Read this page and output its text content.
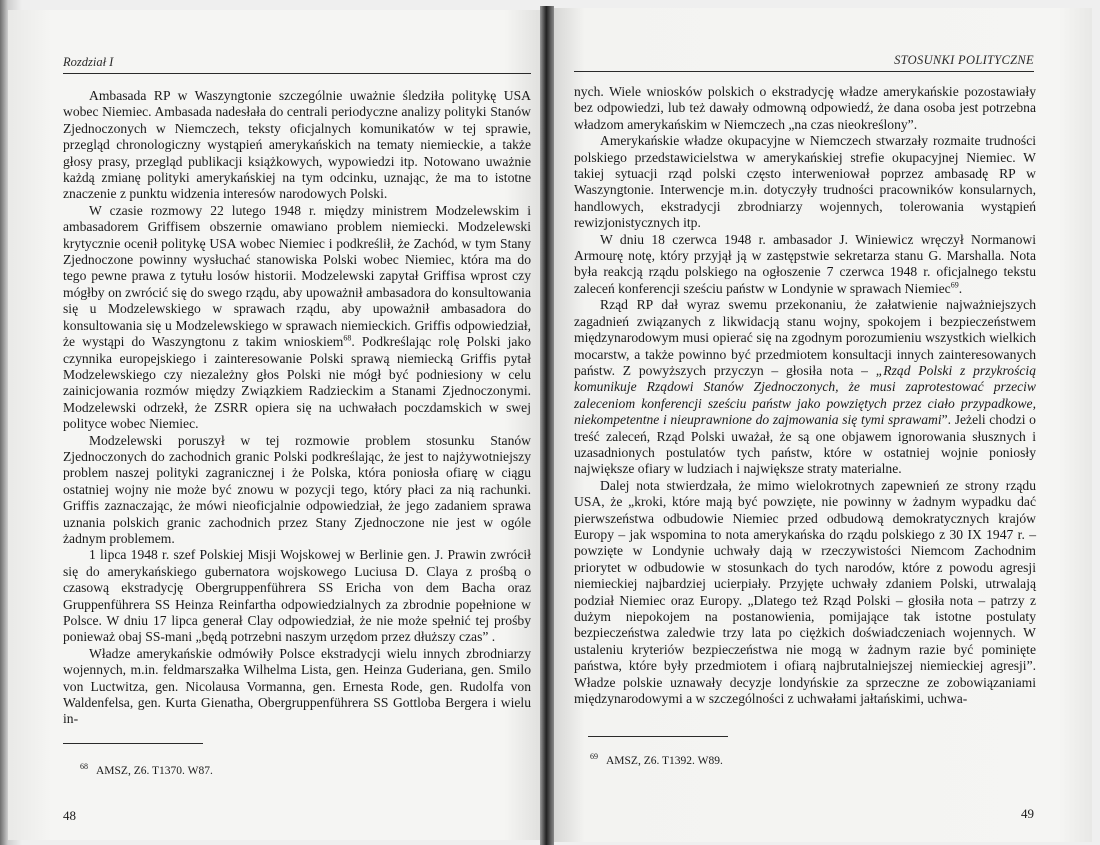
Rozdział I

Ambasada RP w Waszyngtonie szczególnie uważnie śledziła politykę USA wobec Niemiec. Ambasada nadesłała do centrali periodyczne analizy polityki Stanów Zjednoczonych w Niemczech, teksty oficjalnych komunikatów w tej sprawie, przegląd chronologiczny wystąpień amerykańskich na tematy niemieckie, a także głosy prasy, przegląd publikacji książkowych, wypowiedzi itp. Notowano uważnie każdą zmianę polityki amerykańskiej na tym odcinku, uznając, że ma to istotne znaczenie z punktu widzenia interesów narodowych Polski.

W czasie rozmowy 22 lutego 1948 r. między ministrem Modzelewskim i ambasadorem Griffisem obszernie omawiano problem niemiecki. Modzelewski krytycznie ocenił politykę USA wobec Niemiec i podkreślił, że Zachód, w tym Stany Zjednoczone powinny wysłuchać stanowiska Polski wobec Niemiec, która ma do tego pewne prawa z tytułu losów historii. Modzelewski zapytał Griffisa wprost czy mógłby on zwrócić się do swego rządu, aby upoważnił ambasadora do konsultowania się u Modzelewskiego w sprawach rządu, aby upoważnił ambasadora do konsultowania się u Modzelewskiego w sprawach niemieckich. Griffis odpowiedział, że wystąpi do Waszyngtonu z takim wnioskiem$^{68}$. Podkreślając rolę Polski jako czynnika europejskiego i zainteresowanie Polski sprawą niemiecką Griffis pytał Modzelewskiego czy niezależny głos Polski nie mógł być podniesiony w celu zainicjowania rozmów między Związkiem Radzieckim a Stanami Zjednoczonymi. Modzelewski odrzekł, że ZSRR opiera się na uchwałach poczdamskich w swej polityce wobec Niemiec.

Modzelewski poruszył w tej rozmowie problem stosunku Stanów Zjednoczonych do zachodnich granic Polski podkreślając, że jest to najżywotniejszy problem naszej polityki zagranicznej i że Polska, która poniosła ofiarę w ciągu ostatniej wojny nie może być znowu w pozycji tego, który płaci za nią rachunki. Griffis zaznaczając, że mówi nieoficjalnie odpowiedział, że jego zadaniem sprawa uznania polskich granic zachodnich przez Stany Zjednoczone nie jest w ogóle żadnym problemem.

1 lipca 1948 r. szef Polskiej Misji Wojskowej w Berlinie gen. J. Prawin zwrócił się do amerykańskiego gubernatora wojskowego Luciusa D. Claya z prośbą o czasową ekstradycję Obergruppenführera SS Ericha von dem Bacha oraz Gruppenführera SS Heinza Reinfartha odpowiedzialnych za zbrodnie popełnione w Polsce. W dniu 17 lipca generał Clay odpowiedział, że nie może spełnić tej prośby ponieważ obaj SS-mani „będą potrzebni naszym urzędom przez dłuższy czas” .

Władze amerykańskie odmówiły Polsce ekstradycji wielu innych zbrodniarzy wojennych, m.in. feldmarszałka Wilhelma Lista, gen. Heinza Guderiana, gen. Smilo von Luctwitza, gen. Nicolausa Vormanna, gen. Ernesta Rode, gen. Rudolfa von Waldenfelsa, gen. Kurta Gienatha, Obergruppenführera SS Gottloba Bergera i wielu in-

$^{68}$ AMSZ, Z6. T1370. W87.
48
STOSUNKI POLITYCZNE

nych. Wiele wniosków polskich o ekstradycję władze amerykańskie pozostawiały bez odpowiedzi, lub też dawały odmowną odpowiedź, że dana osoba jest potrzebna władzom amerykańskim w Niemczech „na czas nieokreślony”.

Amerykańskie władze okupacyjne w Niemczech stwarzały rozmaite trudności polskiego przedstawicielstwa w amerykańskiej strefie okupacyjnej Niemiec. W takiej sytuacji rząd polski często interweniował poprzez ambasadę RP w Waszyngtonie. Interwencje m.in. dotyczyły trudności pracowników konsularnych, handlowych, ekstradycji zbrodniarzy wojennych, tolerowania wystąpień rewizjonistycznych itp.

W dniu 18 czerwca 1948 r. ambasador J. Winiewicz wręczył Normanowi Armourę notę, który przyjął ją w zastępstwie sekretarza stanu G. Marshalla. Nota była reakcją rządu polskiego na ogłoszenie 7 czerwca 1948 r. oficjalnego tekstu zaleceń konferencji sześciu państw w Londynie w sprawach Niemiec$^{69}$.

Rząd RP dał wyraz swemu przekonaniu, że załatwienie najważniejszych zagadnień związanych z likwidacją stanu wojny, spokojem i bezpieczeństwem międzynarodowym musi opierać się na zgodnym porozumieniu wszystkich wielkich mocarstw, a także powinno być przedmiotem konsultacji innych zainteresowanych państw. Z powyższych przyczyn – głosiła nota – „Rząd Polski z przykrością komunikuje Rządowi Stanów Zjednoczonych, że musi zaprotestować przeciw zaleceniom konferencji sześciu państw jako powziętych przez ciało przypadkowe, niekompetentne i nieuprawnione do zajmowania się tymi sprawami”. Jeżeli chodzi o treść zaleceń, Rząd Polski uważał, że są one objawem ignorowania słusznych i uzasadnionych postulatów tych państw, które w ostatniej wojnie poniosły największe ofiary w ludziach i największe straty materialne.

Dalej nota stwierdzała, że mimo wielokrotnych zapewnień ze strony rządu USA, że „kroki, które mają być powzięte, nie powinny w żadnym wypadku dać pierwszeństwa odbudowie Niemiec przed odbudową demokratycznych krajów Europy – jak wspomina to nota amerykańska do rządu polskiego z 30 IX 1947 r. – powzięte w Londynie uchwały dają w rzeczywistości Niemcom Zachodnim priorytet w odbudowie w stosunkach do tych narodów, które z powodu agresji niemieckiej najbardziej ucierpiały. Przyjęte uchwały zdaniem Polski, utrwalają podział Niemiec oraz Europy. „Dlatego też Rząd Polski – głosiła nota – patrzy z dużym niepokojem na postanowienia, pomijające tak istotne postulaty bezpieczeństwa zaledwie trzy lata po ciężkich doświadczeniach wojennych. W ustaleniu kryteriów bezpieczeństwa nie mogą w żadnym razie być pominięte państwa, które były przedmiotem i ofiarą najbrutalniejszej niemieckiej agresji”. Władze polskie uznawały decyzje londyńskie za sprzeczne ze zobowiązaniami międzynarodowymi a w szczególności z uchwałami jałtańskimi, uchwa-

$^{69}$ AMSZ, Z6. T1392. W89.
49
